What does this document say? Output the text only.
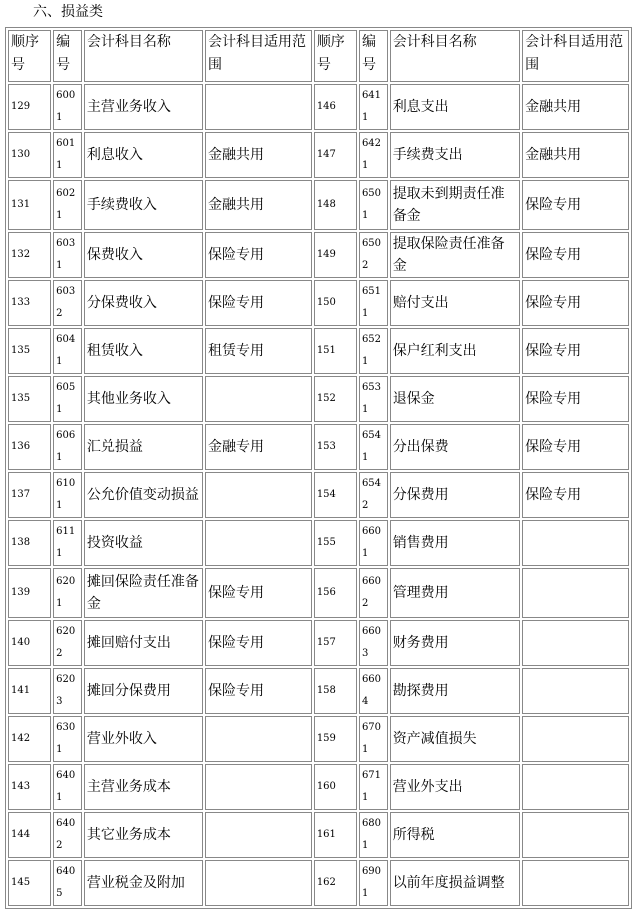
六、损益类
顺序号	编号	会计科目名称	会计科目适用范围	顺序号	编号	会计科目名称	会计科目适用范围
129	6001	主营业务收入		146	6411	利息支出	金融共用
130	6011	利息收入	金融共用	147	6421	手续费支出	金融共用
131	6021	手续费收入	金融共用	148	6501	提取未到期责任准备金	保险专用
132	6031	保费收入	保险专用	149	6502	提取保险责任准备金	保险专用
133	6032	分保费收入	保险专用	150	6511	赔付支出	保险专用
135	6041	租赁收入	租赁专用	151	6521	保户红利支出	保险专用
135	6051	其他业务收入		152	6531	退保金	保险专用
136	6061	汇兑损益	金融专用	153	6541	分出保费	保险专用
137	6101	公允价值变动损益		154	6542	分保费用	保险专用
138	6111	投资收益		155	6601	销售费用	
139	6201	摊回保险责任准备金	保险专用	156	6602	管理费用	
140	6202	摊回赔付支出	保险专用	157	6603	财务费用	
141	6203	摊回分保费用	保险专用	158	6604	勘探费用	
142	6301	营业外收入		159	6701	资产减值损失	
143	6401	主营业务成本		160	6711	营业外支出	
144	6402	其它业务成本		161	6801	所得税	
145	6405	营业税金及附加		162	6901	以前年度损益调整	
